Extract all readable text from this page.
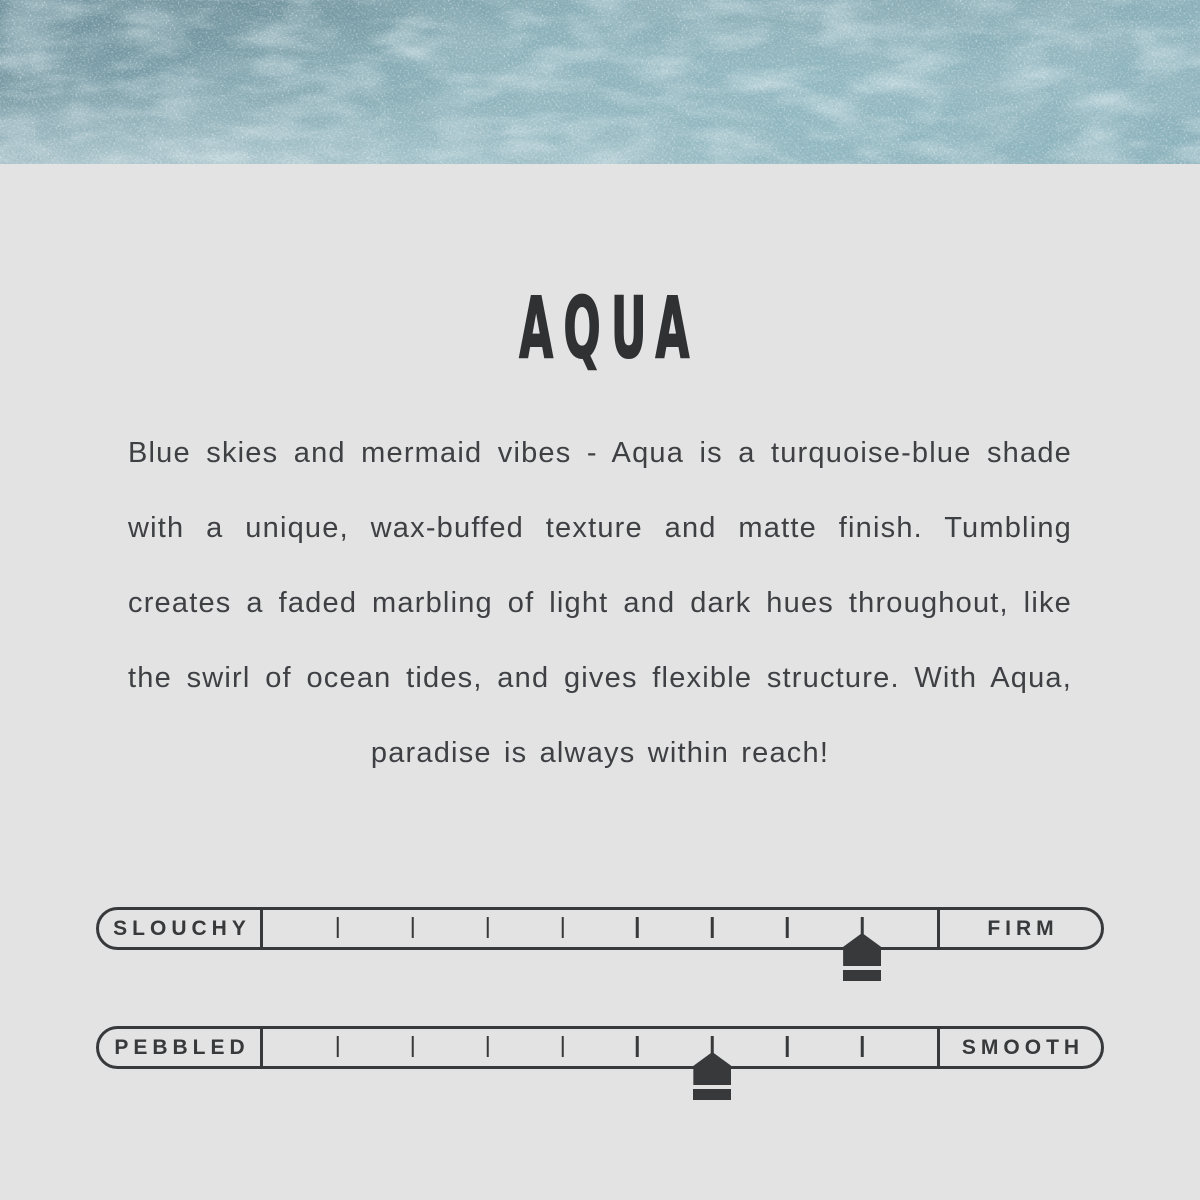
AQUA

Blue skies and mermaid vibes - Aqua is a turquoise-blue shade with a unique, wax-buffed texture and matte finish. Tumbling creates a faded marbling of light and dark hues throughout, like the swirl of ocean tides, and gives flexible structure. With Aqua, paradise is always within reach!

SLOUCHY	FIRM
PEBBLED	SMOOTH
